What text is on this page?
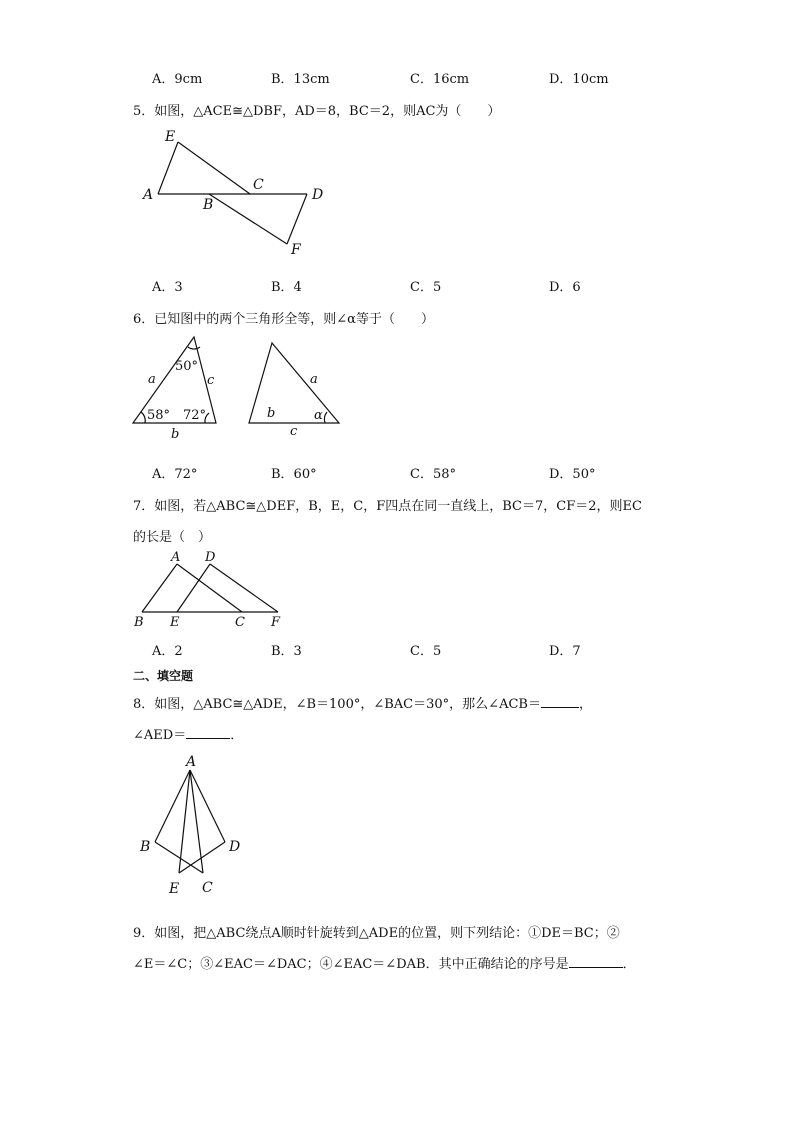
A．9cm	B．13cm	C．16cm	D．10cm
5．如图，△ACE≅△DBF，AD＝8，BC＝2，则AC为（　　）
E
A
C
D
B
F
A．3	B．4	C．5	D．6
6．已知图中的两个三角形全等，则∠α等于（　　）
50°
58° 72°
a	c
b
a
b
c
α
A．72°	B．60°	C．58°	D．50°
7．如图，若△ABC≅△DEF，B，E，C，F四点在同一直线上，BC＝7，CF＝2，则EC
的长是（　）
A D
B E	C F
A．2	B．3	C．5	D．7
二、填空题
8．如图，△ABC≅△ADE，∠B＝100°，∠BAC＝30°，那么∠ACB＝	，
∠AED＝	．
A
B	D
E C
9．如图，把△ABC绕点A顺时针旋转到△ADE的位置，则下列结论：①DE＝BC；②
∠E＝∠C；③∠EAC＝∠DAC；④∠EAC＝∠DAB．其中正确结论的序号是	．
